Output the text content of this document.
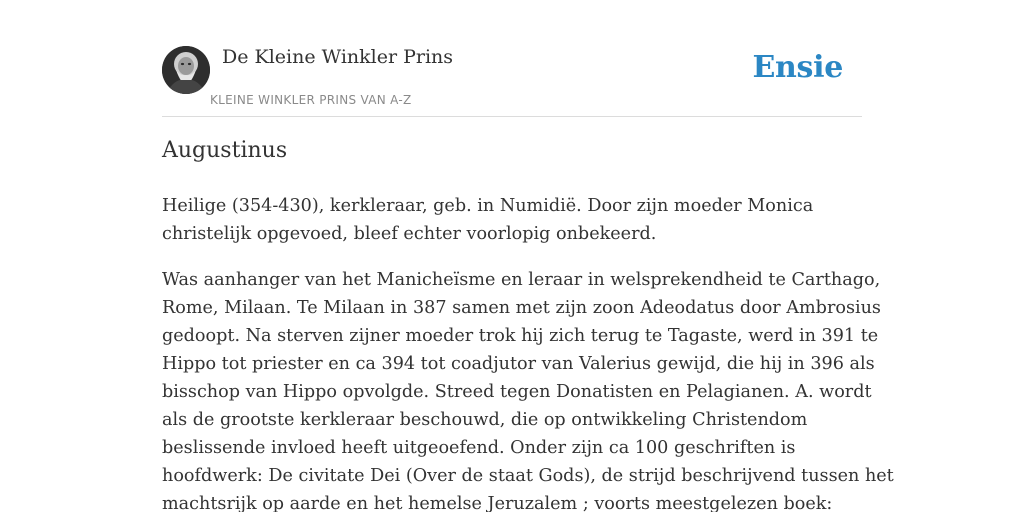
De Kleine Winkler Prins
KLEINE WINKLER PRINS VAN A-Z
Ensie
Augustinus

Heilige (354-430), kerkleraar, geb. in Numidië. Door zijn moeder Monica
christelijk opgevoed, bleef echter voorlopig onbekeerd.

Was aanhanger van het Manicheïsme en leraar in welsprekendheid te Carthago,
Rome, Milaan. Te Milaan in 387 samen met zijn zoon Adeodatus door Ambrosius
gedoopt. Na sterven zijner moeder trok hij zich terug te Tagaste, werd in 391 te
Hippo tot priester en ca 394 tot coadjutor van Valerius gewijd, die hij in 396 als
bisschop van Hippo opvolgde. Streed tegen Donatisten en Pelagianen. A. wordt
als de grootste kerkleraar beschouwd, die op ontwikkeling Christendom
beslissende invloed heeft uitgeoefend. Onder zijn ca 100 geschriften is
hoofdwerk: De civitate Dei (Over de staat Gods), de strijd beschrijvend tussen het
machtsrijk op aarde en het hemelse Jeruzalem ; voorts meestgelezen boek:
